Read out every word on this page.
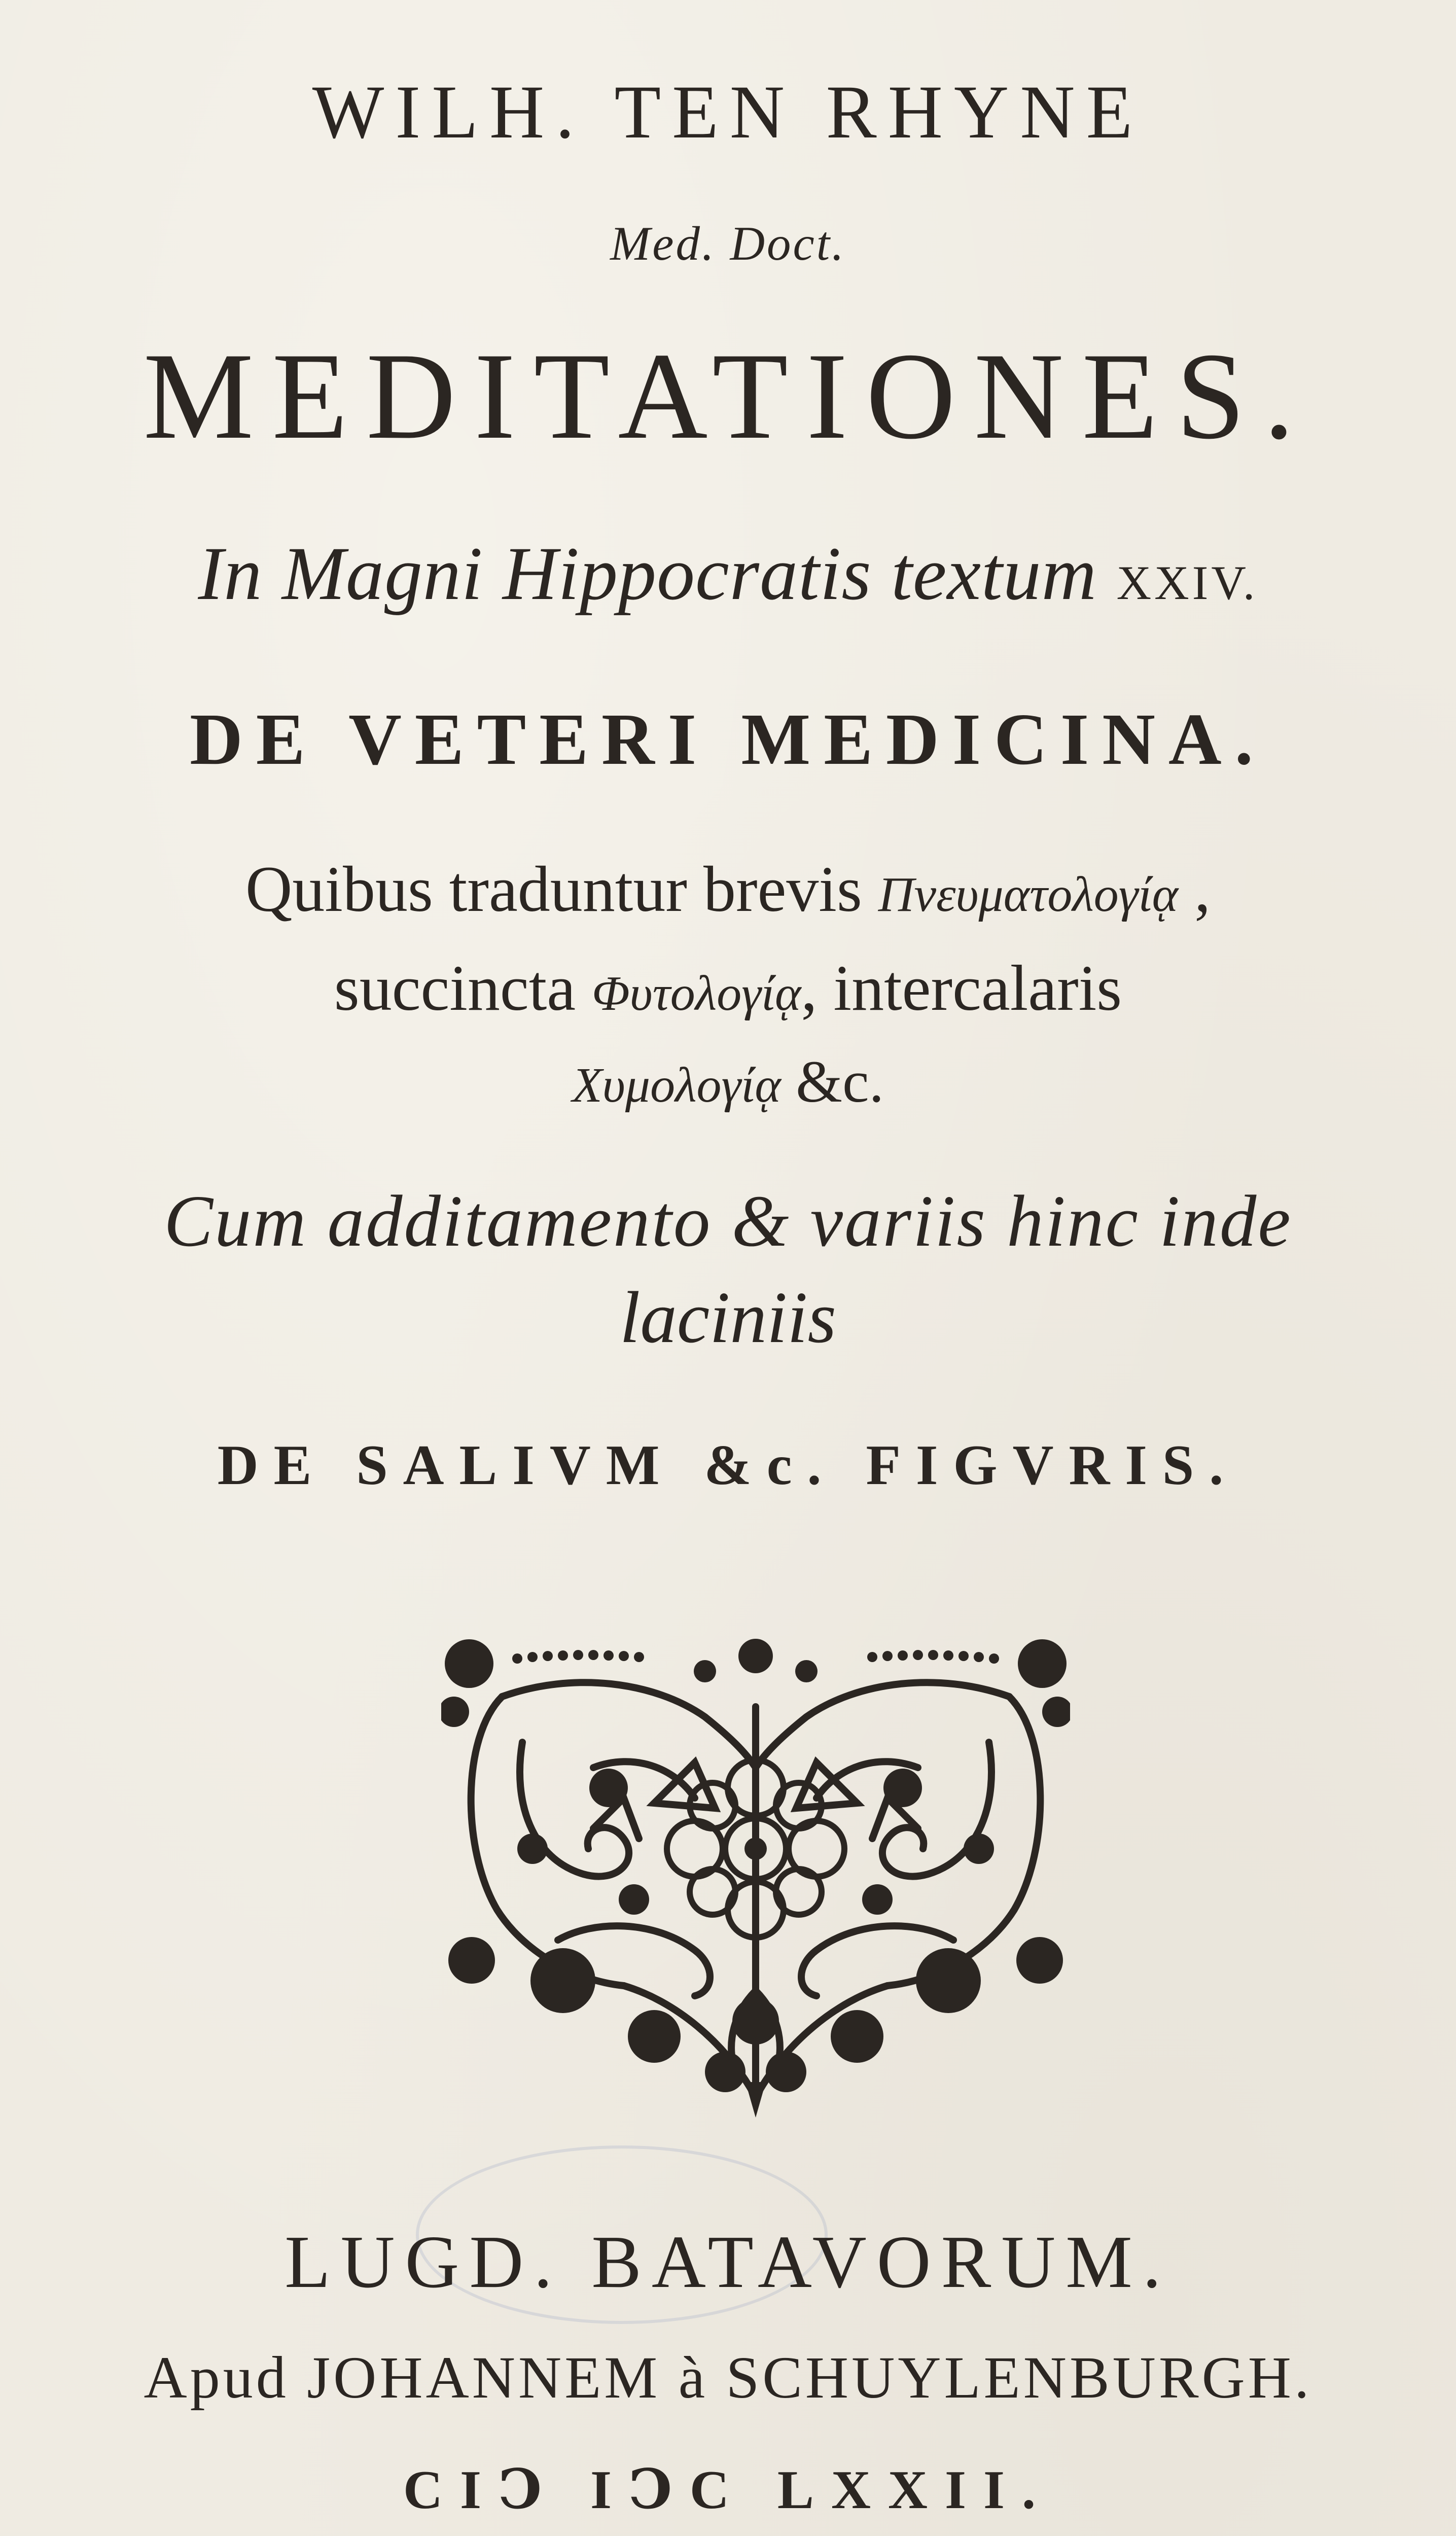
WILH. TEN RHYNE
Med. Doct.
MEDITATIONES.
In Magni Hippocratis textum XXIV.
DE VETERI MEDICINA.
Quibus traduntur brevis Πνευματολογίᾳ ,
succincta Φυτολογίᾳ, intercalaris
Χυμολογίᾳ &c.
Cum additamento & variis hinc inde
laciniis
DE SALIVM &c. FIGVRIS.
LUGD. BATAVORUM.
Apud JOHANNEM à SCHUYLENBURGH.
CIↃ IↃC LXXII.
